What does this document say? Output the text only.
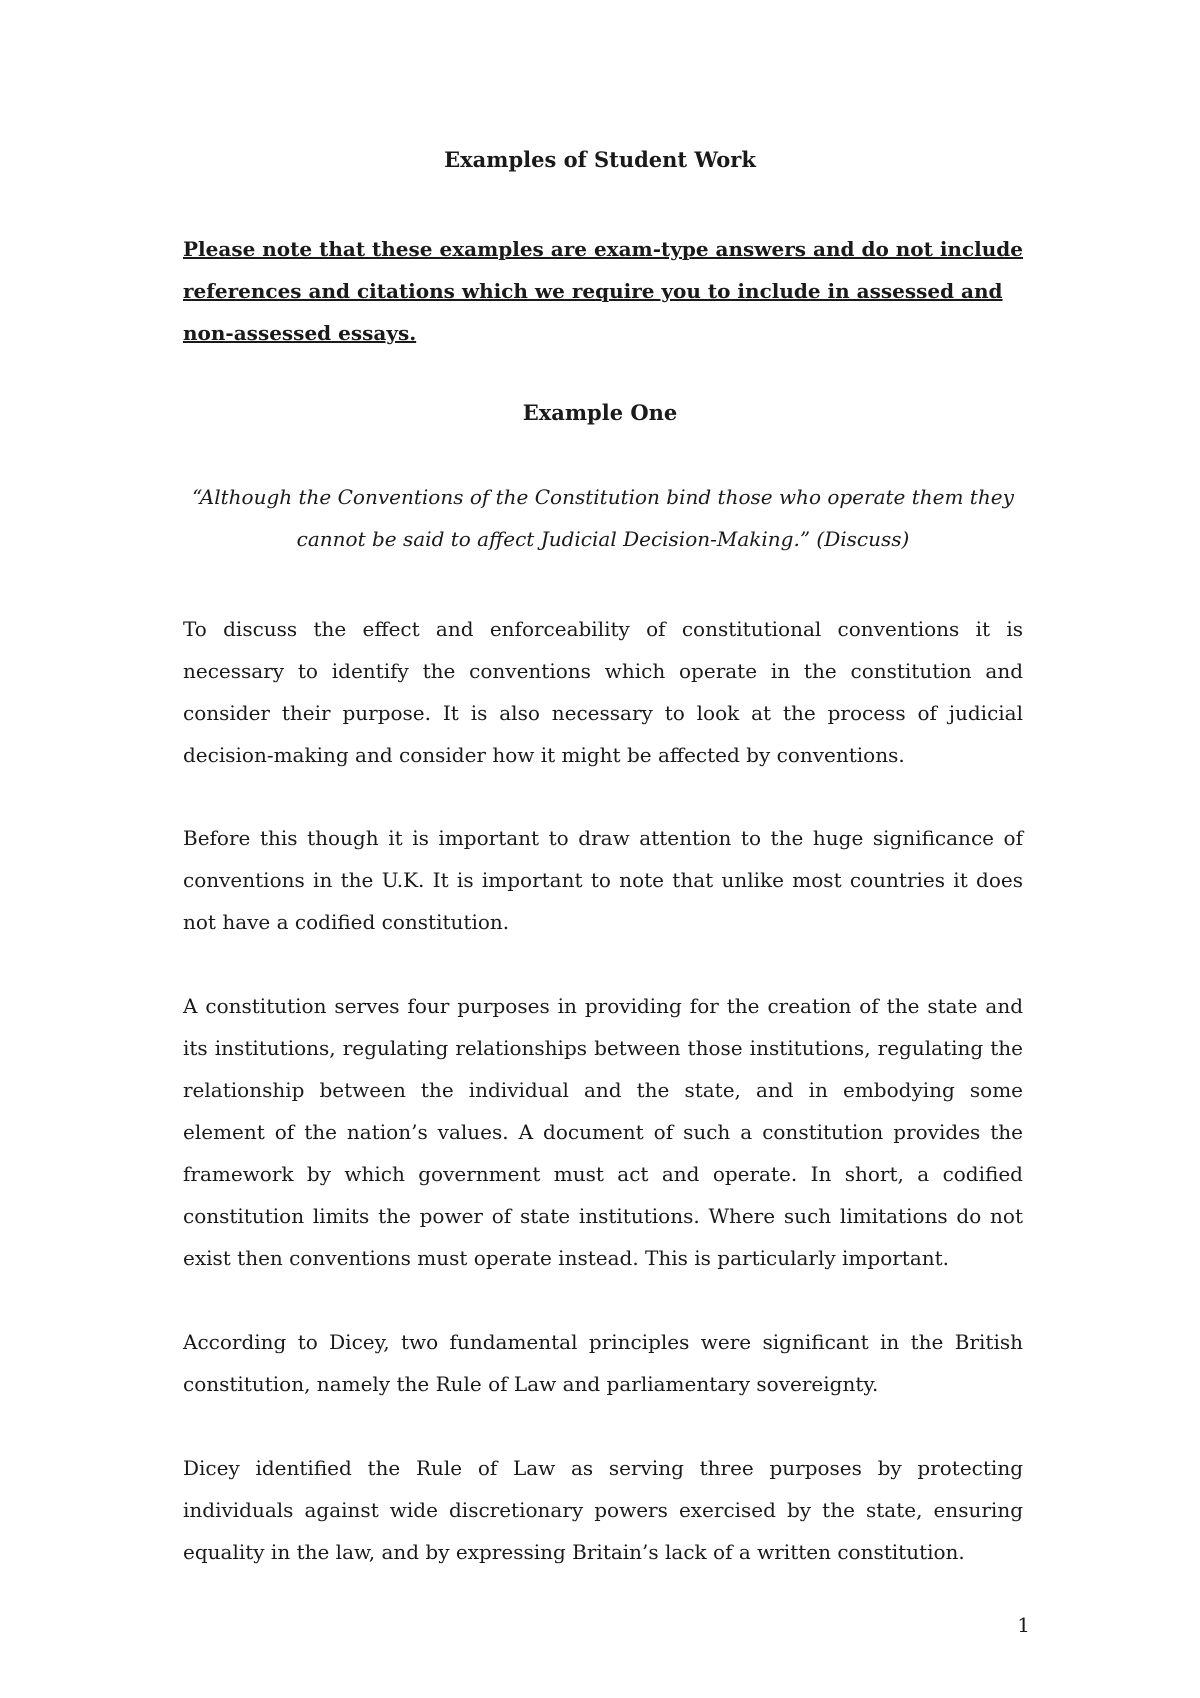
Examples of Student Work
Please note that these examples are exam-type answers and do not include references and citations which we require you to include in assessed and non-assessed essays.
Example One
“Although the Conventions of the Constitution bind those who operate them they cannot be said to affect Judicial Decision-Making.” (Discuss)

To discuss the effect and enforceability of constitutional conventions it is necessary to identify the conventions which operate in the constitution and consider their purpose. It is also necessary to look at the process of judicial decision-making and consider how it might be affected by conventions.

Before this though it is important to draw attention to the huge significance of conventions in the U.K. It is important to note that unlike most countries it does not have a codified constitution.

A constitution serves four purposes in providing for the creation of the state and its institutions, regulating relationships between those institutions, regulating the relationship between the individual and the state, and in embodying some element of the nation’s values. A document of such a constitution provides the framework by which government must act and operate. In short, a codified constitution limits the power of state institutions. Where such limitations do not exist then conventions must operate instead. This is particularly important.

According to Dicey, two fundamental principles were significant in the British constitution, namely the Rule of Law and parliamentary sovereignty.

Dicey identified the Rule of Law as serving three purposes by protecting individuals against wide discretionary powers exercised by the state, ensuring equality in the law, and by expressing Britain’s lack of a written constitution.

1
